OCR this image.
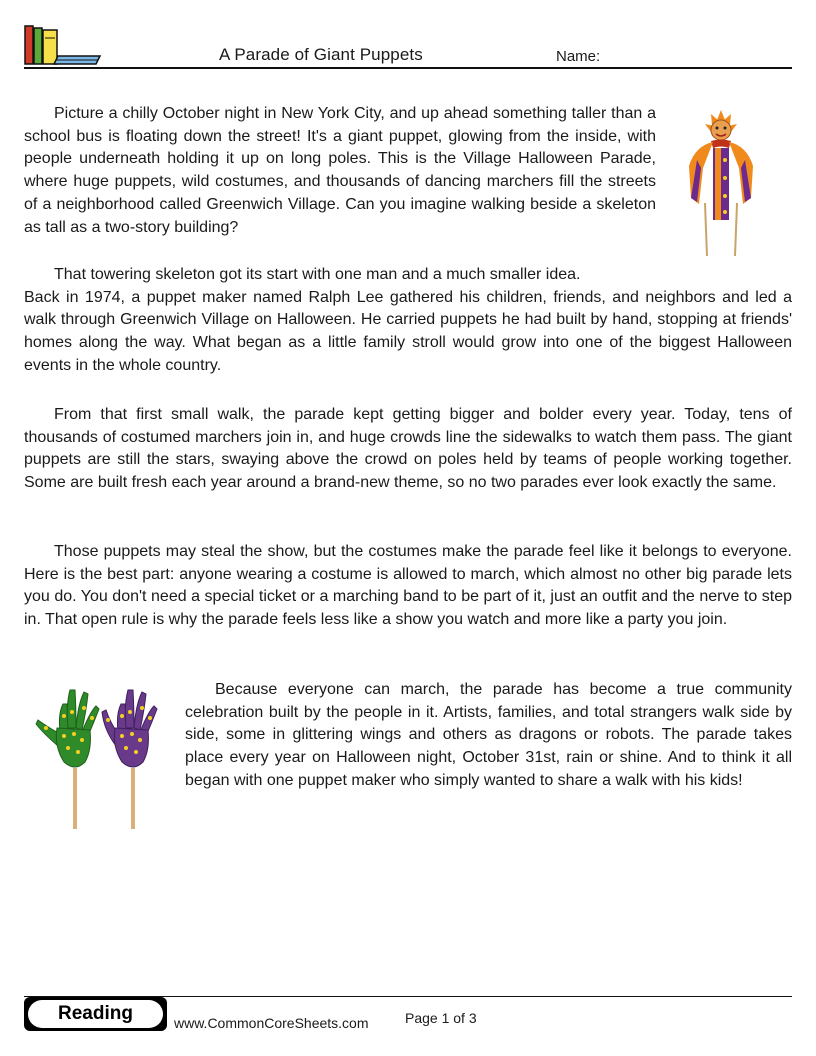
A Parade of Giant Puppets	Name:

Picture a chilly October night in New York City, and up ahead something taller than a school bus is floating down the street! It's a giant puppet, glowing from the inside, with people underneath holding it up on long poles. This is the Village Halloween Parade, where huge puppets, wild costumes, and thousands of dancing marchers fill the streets of a neighborhood called Greenwich Village. Can you imagine walking beside a skeleton as tall as a two-story building?

That towering skeleton got its start with one man and a much smaller idea.
Back in 1974, a puppet maker named Ralph Lee gathered his children, friends, and neighbors and led a walk through Greenwich Village on Halloween. He carried puppets he had built by hand, stopping at friends' homes along the way. What began as a little family stroll would grow into one of the biggest Halloween events in the whole country.

From that first small walk, the parade kept getting bigger and bolder every year. Today, tens of thousands of costumed marchers join in, and huge crowds line the sidewalks to watch them pass. The giant puppets are still the stars, swaying above the crowd on poles held by teams of people working together. Some are built fresh each year around a brand-new theme, so no two parades ever look exactly the same.

Those puppets may steal the show, but the costumes make the parade feel like it belongs to everyone. Here is the best part: anyone wearing a costume is allowed to march, which almost no other big parade lets you do. You don't need a special ticket or a marching band to be part of it, just an outfit and the nerve to step in. That open rule is why the parade feels less like a show you watch and more like a party you join.

Because everyone can march, the parade has become a true community celebration built by the people in it. Artists, families, and total strangers walk side by side, some in glittering wings and others as dragons or robots. The parade takes place every year on Halloween night, October 31st, rain or shine. And to think it all began with one puppet maker who simply wanted to share a walk with his kids!

Reading	www.CommonCoreSheets.com	Page 1 of 3
